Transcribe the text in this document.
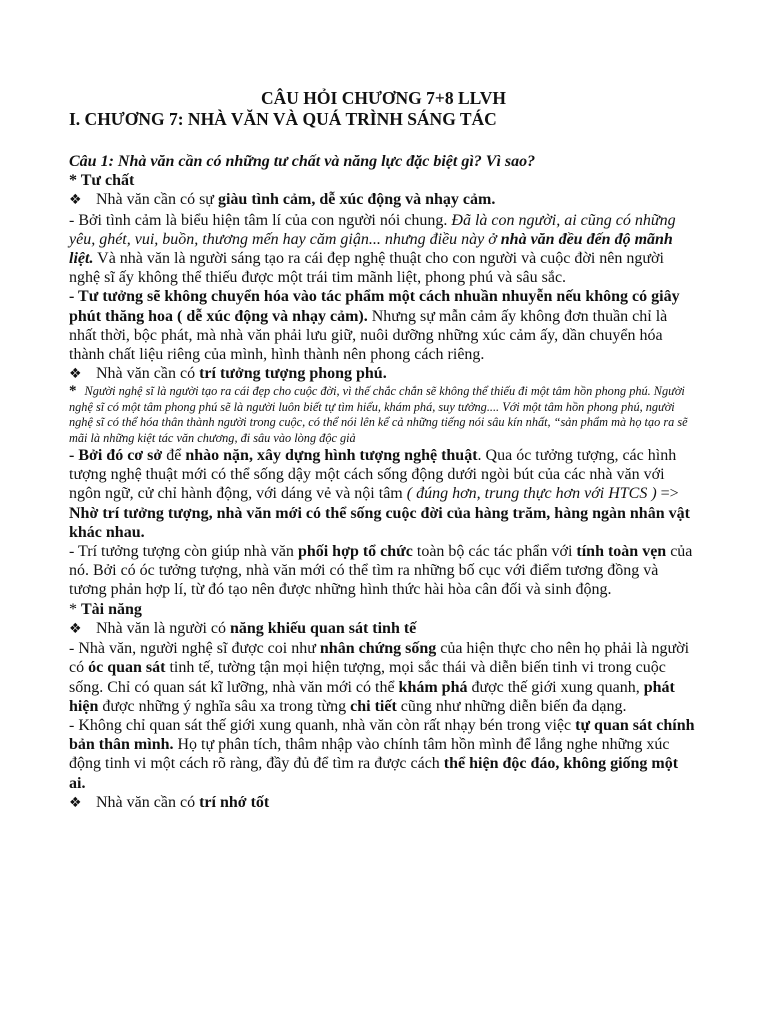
CÂU HỎI CHƯƠNG 7+8 LLVH

I. CHƯƠNG 7: NHÀ VĂN VÀ QUÁ TRÌNH SÁNG TÁC

Câu 1: Nhà văn cần có những tư chất và năng lực đặc biệt gì? Vì sao?

* Tư chất

❖ Nhà văn cần có sự giàu tình cảm, dễ xúc động và nhạy cảm.

- Bởi tình cảm là biểu hiện tâm lí của con người nói chung. Đã là con người, ai cũng có những yêu, ghét, vui, buồn, thương mến hay căm giận... nhưng điều này ở nhà văn đều đến độ mãnh liệt. Và nhà văn là người sáng tạo ra cái đẹp nghệ thuật cho con người và cuộc đời nên người nghệ sĩ ấy không thể thiếu được một trái tim mãnh liệt, phong phú và sâu sắc.

- Tư tưởng sẽ không chuyển hóa vào tác phẩm một cách nhuần nhuyễn nếu không có giây phút thăng hoa ( dễ xúc động và nhạy cảm). Nhưng sự mẫn cảm ấy không đơn thuần chỉ là nhất thời, bộc phát, mà nhà văn phải lưu giữ, nuôi dưỡng những xúc cảm ấy, dần chuyển hóa thành chất liệu riêng của mình, hình thành nên phong cách riêng.

❖ Nhà văn cần có trí tưởng tượng phong phú.

* Người nghệ sĩ là người tạo ra cái đẹp cho cuộc đời, vì thế chắc chắn sẽ không thể thiếu đi một tâm hồn phong phú. Người nghệ sĩ có một tâm phong phú sẽ là người luôn biết tự tìm hiểu, khám phá, suy tưởng.... Với một tâm hồn phong phú, người nghệ sĩ có thể hóa thân thành người trong cuộc, có thể nói lên kể cả những tiếng nói sâu kín nhất, “sản phẩm mà họ tạo ra sẽ mãi là những kiệt tác văn chương, đi sâu vào lòng độc giả

- Bởi đó cơ sở để nhào nặn, xây dựng hình tượng nghệ thuật. Qua óc tưởng tượng, các hình tượng nghệ thuật mới có thể sống dậy một cách sống động dưới ngòi bút của các nhà văn với ngôn ngữ, cử chỉ hành động, với dáng vẻ và nội tâm ( đúng hơn, trung thực hơn với HTCS ) => Nhờ trí tưởng tượng, nhà văn mới có thể sống cuộc đời của hàng trăm, hàng ngàn nhân vật khác nhau.

- Trí tưởng tượng còn giúp nhà văn phối hợp tổ chức toàn bộ các tác phẩn với tính toàn vẹn của nó. Bởi có óc tưởng tượng, nhà văn mới có thể tìm ra những bố cục với điểm tương đồng và tương phản hợp lí, từ đó tạo nên được những hình thức hài hòa cân đối và sinh động.

* Tài năng

❖ Nhà văn là người có năng khiếu quan sát tinh tế

- Nhà văn, người nghệ sĩ được coi như nhân chứng sống của hiện thực cho nên họ phải là người có óc quan sát tinh tế, tường tận mọi hiện tượng, mọi sắc thái và diễn biến tinh vi trong cuộc sống. Chỉ có quan sát kĩ lưỡng, nhà văn mới có thể khám phá được thế giới xung quanh, phát hiện được những ý nghĩa sâu xa trong từng chi tiết cũng như những diễn biến đa dạng.

- Không chỉ quan sát thế giới xung quanh, nhà văn còn rất nhạy bén trong việc tự quan sát chính bản thân mình. Họ tự phân tích, thâm nhập vào chính tâm hồn mình để lắng nghe những xúc động tinh vi một cách rõ ràng, đầy đủ để tìm ra được cách thể hiện độc đáo, không giống một ai.

❖ Nhà văn cần có trí nhớ tốt
